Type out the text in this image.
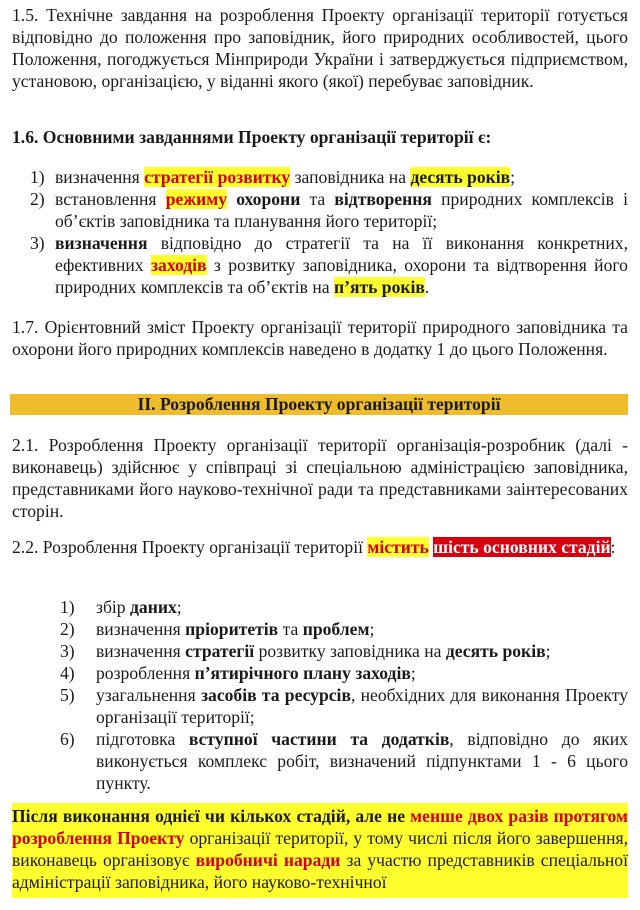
1.5. Технічне завдання на розроблення Проекту організації території готується відповідно до положення про заповідник, його природних особливостей, цього Положення, погоджується Мінприроди України і затверджується підприємством, установою, організацією, у віданні якого (якої) перебуває заповідник.

1.6. Основними завданнями Проекту організації території є:

1) визначення стратегії розвитку заповідника на десять років;
2) встановлення режиму охорони та відтворення природних комплексів і об’єктів заповідника та планування його території;
3) визначення відповідно до стратегії та на її виконання конкретних, ефективних заходів з розвитку заповідника, охорони та відтворення його природних комплексів та об’єктів на п’ять років.

1.7. Орієнтовний зміст Проекту організації території природного заповідника та охорони його природних комплексів наведено в додатку 1 до цього Положення.

II. Розроблення Проекту організації території

2.1. Розроблення Проекту організації території організація-розробник (далі - виконавець) здійснює у співпраці зі спеціальною адміністрацією заповідника, представниками його науково-технічної ради та представниками заінтересованих сторін.

2.2. Розроблення Проекту організації території містить шість основних стадій:

1) збір даних;
2) визначення пріоритетів та проблем;
3) визначення стратегії розвитку заповідника на десять років;
4) розроблення п’ятирічного плану заходів;
5) узагальнення засобів та ресурсів, необхідних для виконання Проекту організації території;
6) підготовка вступної частини та додатків, відповідно до яких виконується комплекс робіт, визначений підпунктами 1 - 6 цього пункту.

Після виконання однієї чи кількох стадій, але не менше двох разів протягом розроблення Проекту організації території, у тому числі після його завершення, виконавець організовує виробничі наради за участю представників спеціальної адміністрації заповідника, його науково-технічної
